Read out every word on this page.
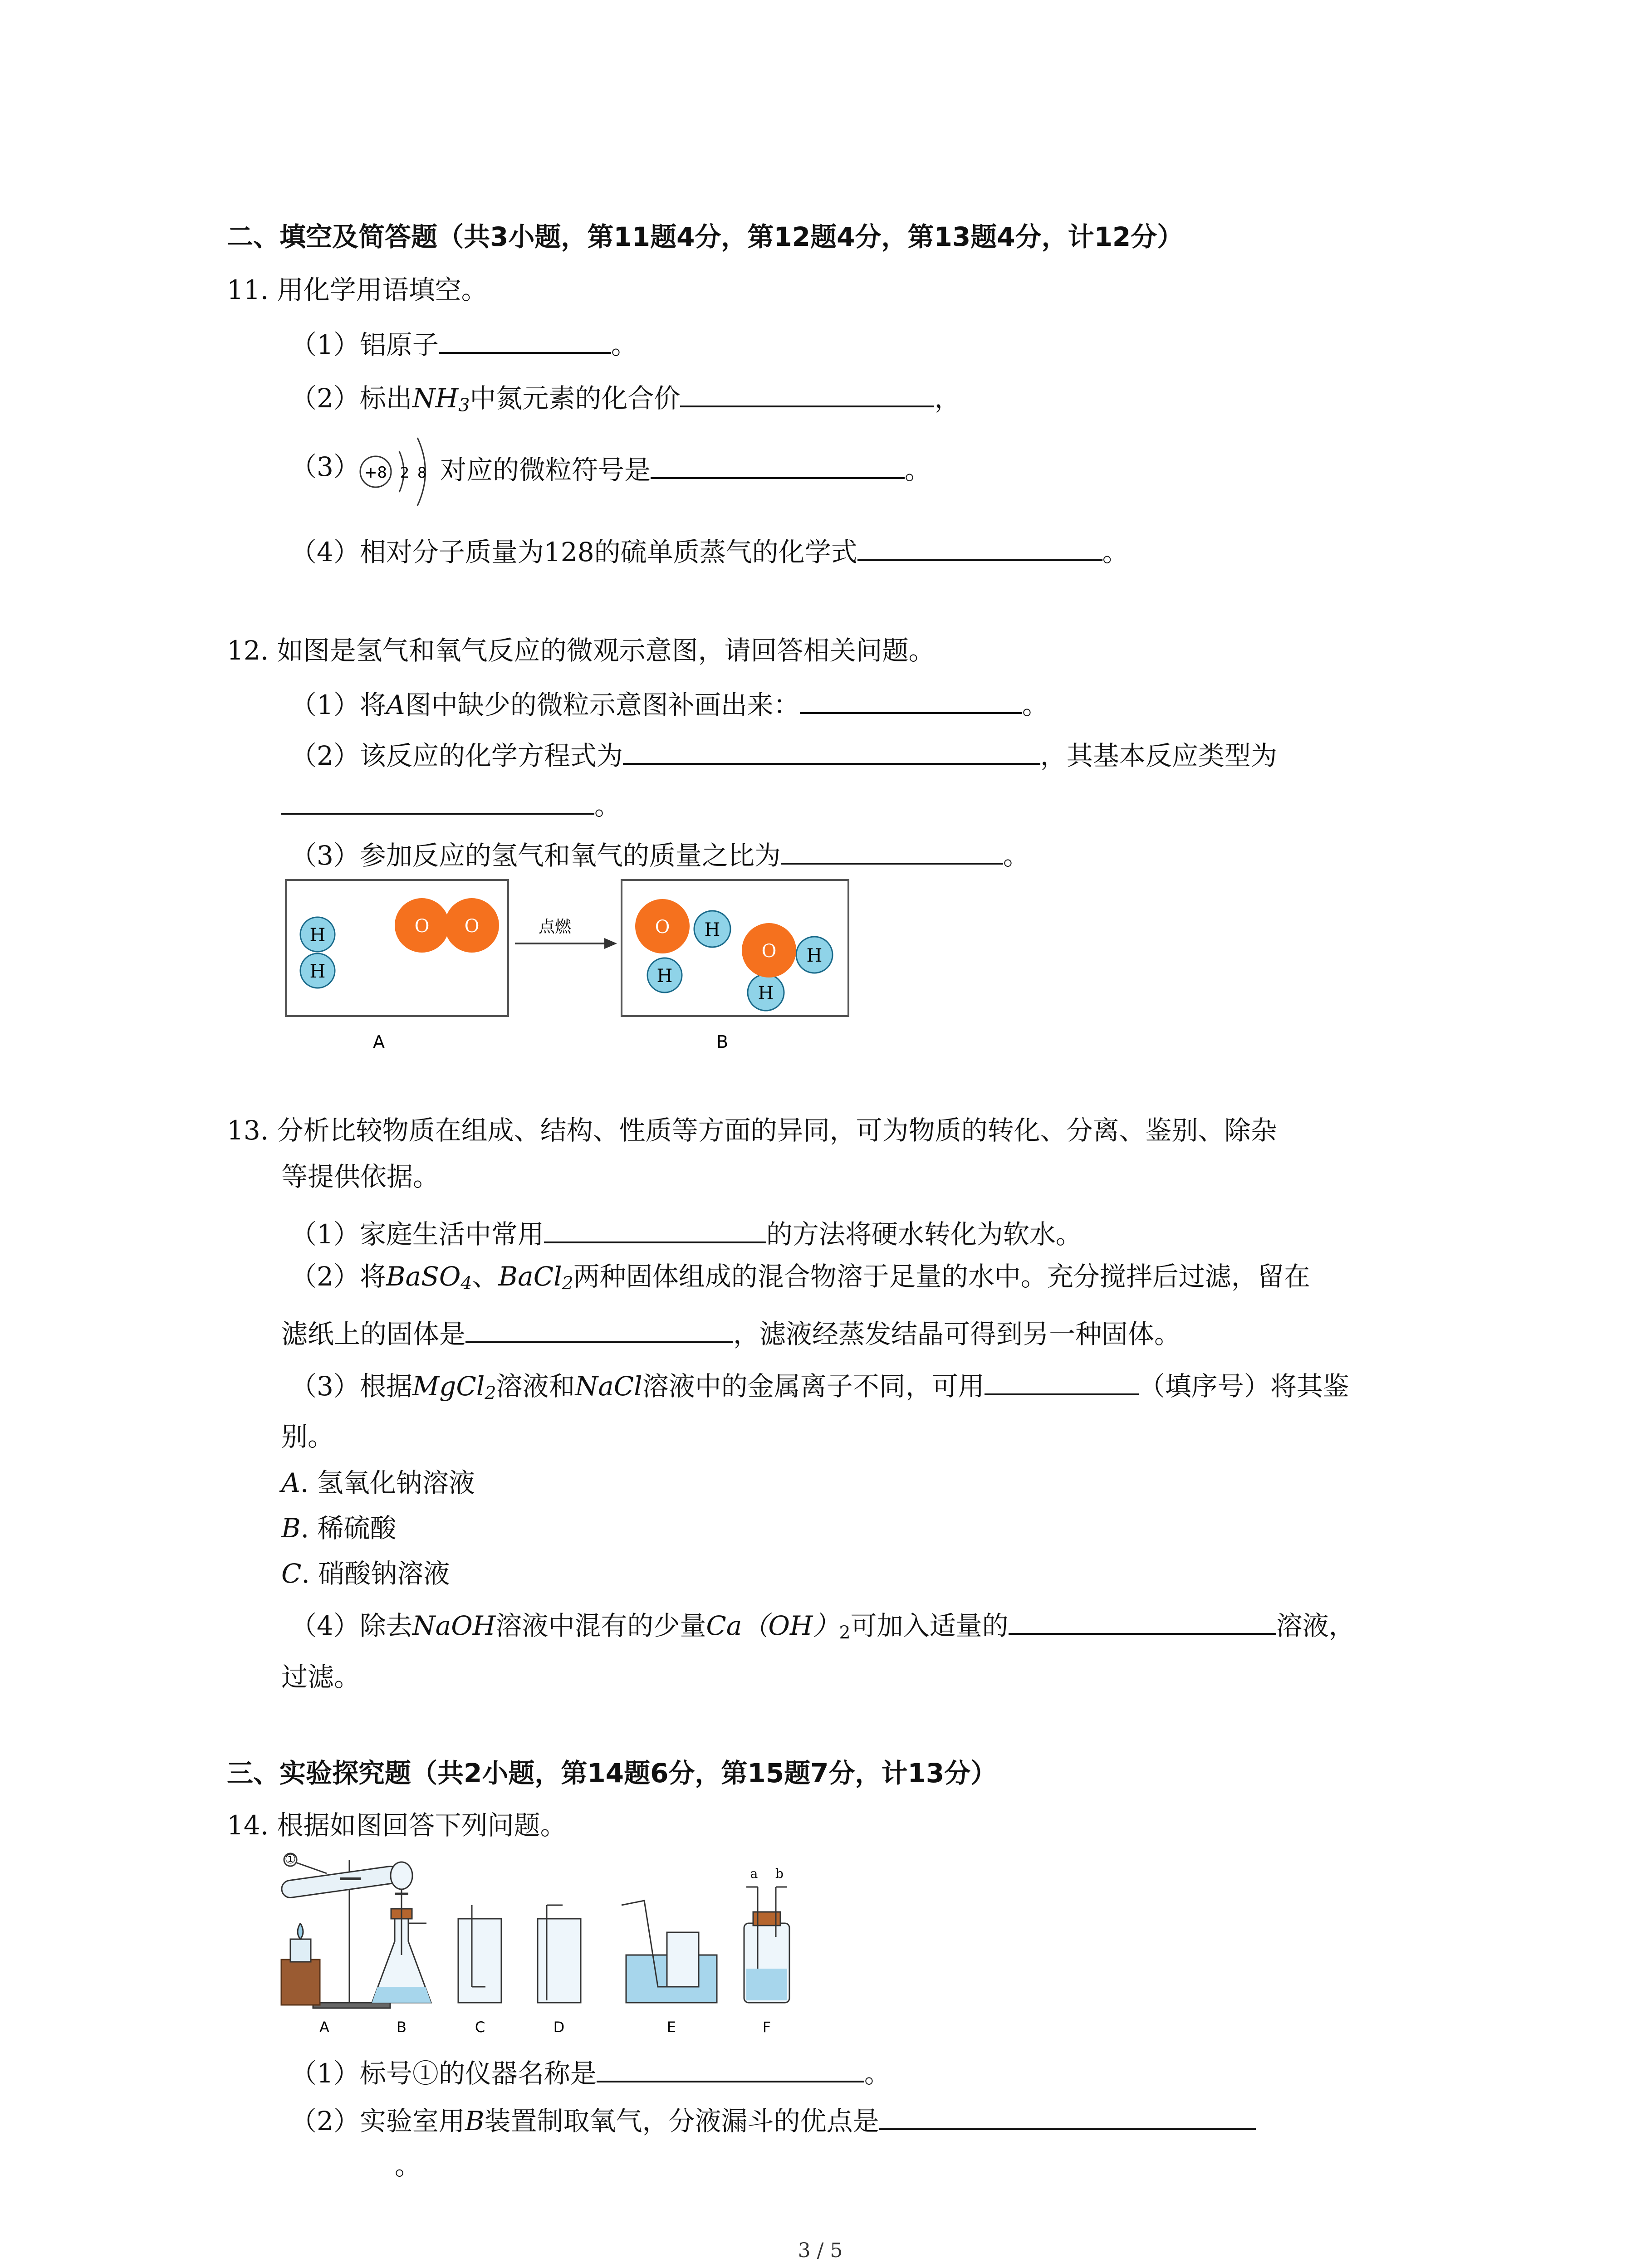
二、填空及简答题（共3小题，第11题4分，第12题4分，第13题4分，计12分）
11. 用化学用语填空。
（1）铝原子	。
（2）标出$NH_3$中氮元素的化合价	，
（3） +8 2 8 对应的微粒符号是	。
（4）相对分子质量为128的硫单质蒸气的化学式	。
12. 如图是氢气和氧气反应的微观示意图，请回答相关问题。
（1）将A图中缺少的微粒示意图补画出来：	。
（2）该反应的化学方程式为	，其基本反应类型为
。
（3）参加反应的氢气和氧气的质量之比为	。
H
H
O O	点燃
H
H
O
H
H
O
A	B
13. 分析比较物质在组成、结构、性质等方面的异同，可为物质的转化、分离、鉴别、除杂
等提供依据。
（1）家庭生活中常用	的方法将硬水转化为软水。
（2）将BaSO$_4$、BaCl$_2$两种固体组成的混合物溶于足量的水中。充分搅拌后过滤，留在
滤纸上的固体是	，滤液经蒸发结晶可得到另一种固体。
（3）根据MgCl$_2$溶液和NaCl溶液中的金属离子不同，可用	（填序号）将其鉴
别。
A. 氢氧化钠溶液
B. 稀硫酸
C. 硝酸钠溶液
（4）除去NaOH溶液中混有的少量$Ca(OH)_2$可加入适量的	溶液，
过滤。
三、实验探究题（共2小题，第14题6分，第15题7分，计13分）
14. 根据如图回答下列问题。
①
a b
A	B	C	D	E	F
（1）标号①的仪器名称是	。
（2）实验室用B装置制取氧气，分液漏斗的优点是
。
3 / 5
